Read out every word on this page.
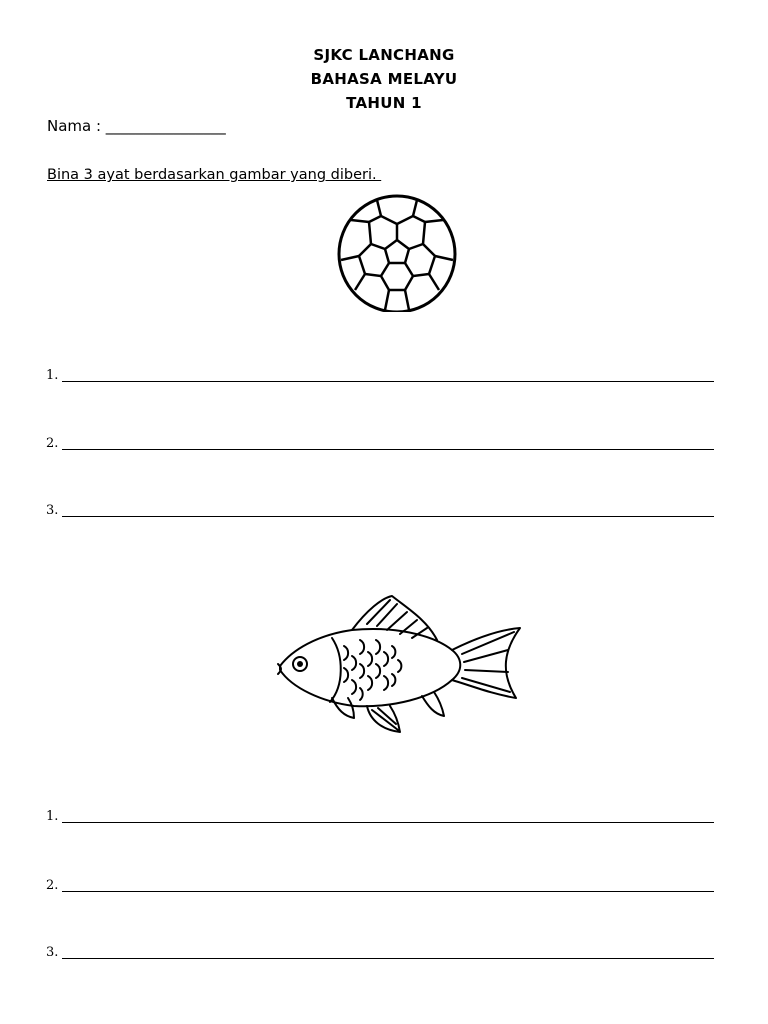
SJKC LANCHANG
BAHASA MELAYU
TAHUN 1
Nama : ________________
Bina 3 ayat berdasarkan gambar yang diberi.
1.
2.
3.
1.
2.
3.
